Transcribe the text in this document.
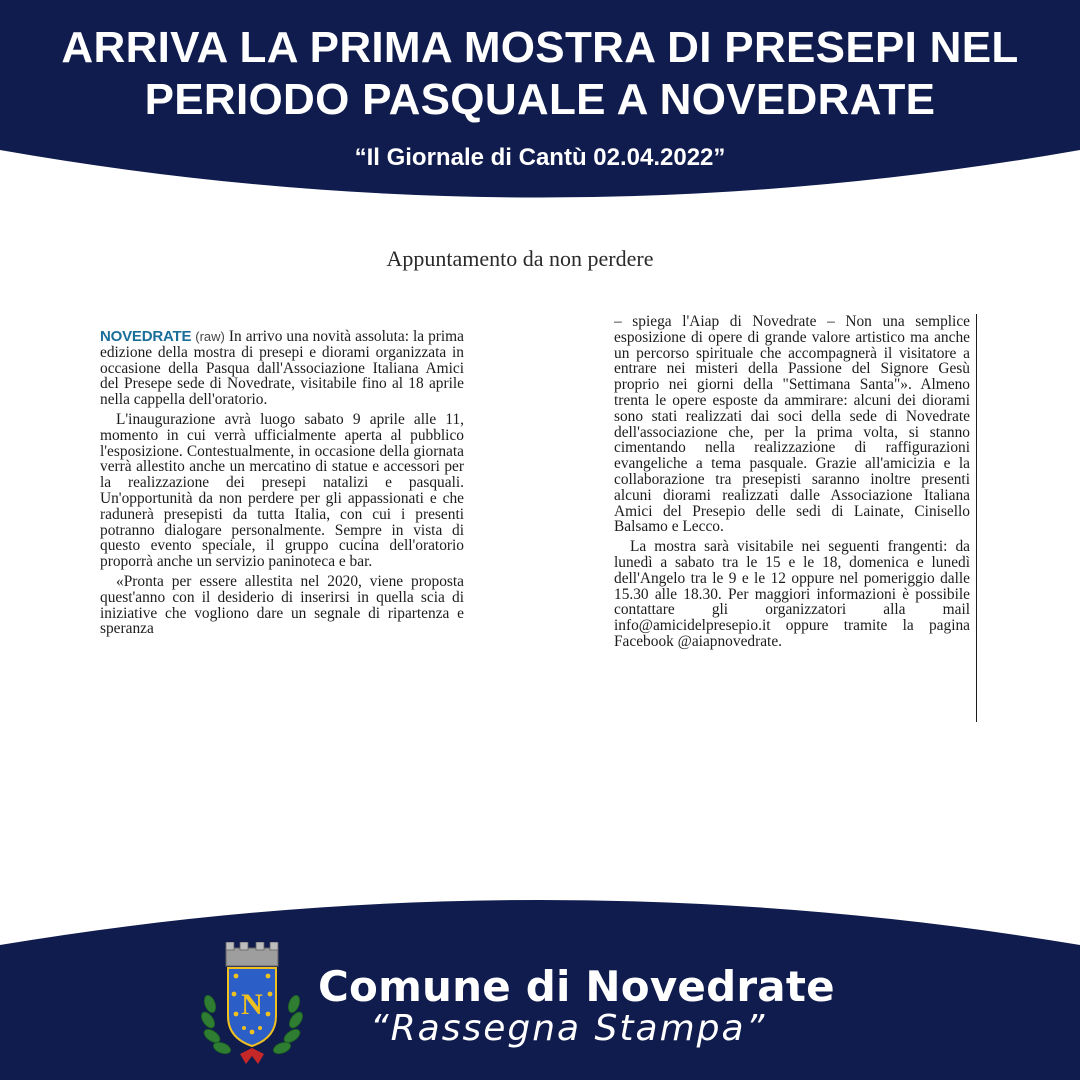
ARRIVA LA PRIMA MOSTRA DI PRESEPI NEL
PERIODO PASQUALE A NOVEDRATE
“Il Giornale di Cantù 02.04.2022”
Appuntamento da non perdere

NOVEDRATE (raw) In arrivo una novità assoluta: la prima edizione della mostra di presepi e diorami organizzata in occasione della Pasqua dall'Associazione Italiana Amici del Presepe sede di Novedrate, visitabile fino al 18 aprile nella cappella dell'oratorio.

L'inaugurazione avrà luogo sabato 9 aprile alle 11, momento in cui verrà ufficialmente aperta al pubblico l'esposizione. Contestualmente, in occasione della giornata verrà allestito anche un mercatino di statue e accessori per la realizzazione dei presepi natalizi e pasquali. Un'opportunità da non perdere per gli appassionati e che radunerà presepisti da tutta Italia, con cui i presenti potranno dialogare personalmente. Sempre in vista di questo evento speciale, il gruppo cucina dell'oratorio proporrà anche un servizio paninoteca e bar.

«Pronta per essere allestita nel 2020, viene proposta quest'anno con il desiderio di inserirsi in quella scia di iniziative che vogliono dare un segnale di ripartenza e speranza

– spiega l'Aiap di Novedrate – Non una semplice esposizione di opere di grande valore artistico ma anche un percorso spirituale che accompagnerà il visitatore a entrare nei misteri della Passione del Signore Gesù proprio nei giorni della "Settimana Santa"». Almeno trenta le opere esposte da ammirare: alcuni dei diorami sono stati realizzati dai soci della sede di Novedrate dell'associazione che, per la prima volta, si stanno cimentando nella realizzazione di raffigurazioni evangeliche a tema pasquale. Grazie all'amicizia e la collaborazione tra presepisti saranno inoltre presenti alcuni diorami realizzati dalle Associazione Italiana Amici del Presepio delle sedi di Lainate, Cinisello Balsamo e Lecco.

La mostra sarà visitabile nei seguenti frangenti: da lunedì a sabato tra le 15 e le 18, domenica e lunedì dell'Angelo tra le 9 e le 12 oppure nel pomeriggio dalle 15.30 alle 18.30. Per maggiori informazioni è possibile contattare gli organizzatori alla mail info@amicidelpresepio.it oppure tramite la pagina Facebook @aiapnovedrate.

N Comune di Novedrate
“Rassegna Stampa”
